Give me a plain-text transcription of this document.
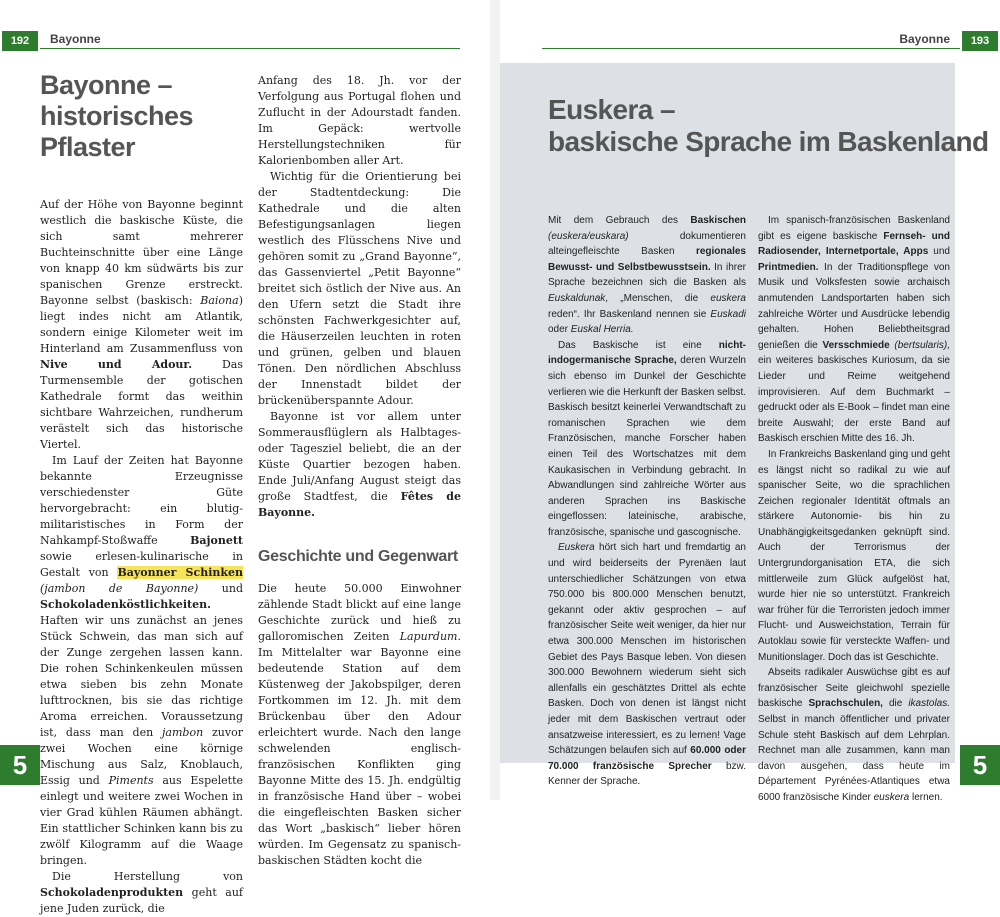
192	Bayonne
Bayonne –
historisches
Pflaster

Auf der Höhe von Bayonne beginnt westlich die baskische Küste, die sich samt mehrerer Buchteinschnitte über eine Länge von knapp 40 km südwärts bis zur spanischen Grenze erstreckt. Bayonne selbst (baskisch: Baiona) liegt indes nicht am Atlantik, sondern einige Kilometer weit im Hinterland am Zusammenfluss von Nive und Adour. Das Turmensemble der gotischen Kathedrale formt das weithin sichtbare Wahrzeichen, rundherum verästelt sich das historische Viertel.

Im Lauf der Zeiten hat Bayonne bekannte Erzeugnisse verschiedenster Güte hervorgebracht: ein blutig-militaristisches in Form der Nahkampf-Stoßwaffe Bajonett sowie erlesen-kulinarische in Gestalt von Bayonner Schinken (jambon de Bayonne) und Schokoladenköstlichkeiten. Haften wir uns zunächst an jenes Stück Schwein, das man sich auf der Zunge zergehen lassen kann. Die rohen Schinkenkeulen müssen etwa sieben bis zehn Monate lufttrocknen, bis sie das richtige Aroma erreichen. Voraussetzung ist, dass man den jambon zuvor zwei Wochen eine körnige Mischung aus Salz, Knoblauch, Essig und Piments aus Espelette einlegt und weitere zwei Wochen in vier Grad kühlen Räumen abhängt. Ein stattlicher Schinken kann bis zu zwölf Kilogramm auf die Waage bringen.

Die Herstellung von Schokoladenprodukten geht auf jene Juden zurück, die

Anfang des 18. Jh. vor der Verfolgung aus Portugal flohen und Zuflucht in der Adourstadt fanden. Im Gepäck: wertvolle Herstellungstechniken für Kalorienbomben aller Art.

Wichtig für die Orientierung bei der Stadtentdeckung: Die Kathedrale und die alten Befestigungsanlagen liegen westlich des Flüsschens Nive und gehören somit zu „Grand Bayonne“, das Gassenviertel „Petit Bayonne“ breitet sich östlich der Nive aus. An den Ufern setzt die Stadt ihre schönsten Fachwerkgesichter auf, die Häuserzeilen leuchten in roten und grünen, gelben und blauen Tönen. Den nördlichen Abschluss der Innenstadt bildet der brückenüberspannte Adour.

Bayonne ist vor allem unter Sommerausflüglern als Halbtages- oder Tagesziel beliebt, die an der Küste Quartier bezogen haben. Ende Juli/Anfang August steigt das große Stadtfest, die Fêtes de Bayonne.

Geschichte und Gegenwart

Die heute 50.000 Einwohner zählende Stadt blickt auf eine lange Geschichte zurück und hieß zu galloromischen Zeiten Lapurdum. Im Mittelalter war Bayonne eine bedeutende Station auf dem Küstenweg der Jakobspilger, deren Fortkommen im 12. Jh. mit dem Brückenbau über den Adour erleichtert wurde. Nach den lange schwelenden englisch-französischen Konflikten ging Bayonne Mitte des 15. Jh. endgültig in französische Hand über – wobei die eingefleischten Basken sicher das Wort „baskisch“ lieber hören würden. Im Gegensatz zu spanisch-baskischen Städten kocht die

5
193
Bayonne
Euskera –
baskische Sprache im Baskenland

Mit dem Gebrauch des Baskischen (euskera/euskara) dokumentieren alteingefleischte Basken regionales Bewusst- und Selbstbewusstsein. In ihrer Sprache bezeichnen sich die Basken als Euskaldunak, „Menschen, die euskera reden“. Ihr Baskenland nennen sie Euskadi oder Euskal Herria.

Das Baskische ist eine nicht-indogermanische Sprache, deren Wurzeln sich ebenso im Dunkel der Geschichte verlieren wie die Herkunft der Basken selbst. Baskisch besitzt keinerlei Verwandtschaft zu romanischen Sprachen wie dem Französischen, manche Forscher haben einen Teil des Wortschatzes mit dem Kaukasischen in Verbindung gebracht. In Abwandlungen sind zahlreiche Wörter aus anderen Sprachen ins Baskische eingeflossen: lateinische, arabische, französische, spanische und gascognische.

Euskera hört sich hart und fremdartig an und wird beiderseits der Pyrenäen laut unterschiedlicher Schätzungen von etwa 750.000 bis 800.000 Menschen benutzt, gekannt oder aktiv gesprochen – auf französischer Seite weit weniger, da hier nur etwa 300.000 Menschen im historischen Gebiet des Pays Basque leben. Von diesen 300.000 Bewohnern wiederum sieht sich allenfalls ein geschätztes Drittel als echte Basken. Doch von denen ist längst nicht jeder mit dem Baskischen vertraut oder ansatzweise interessiert, es zu lernen! Vage Schätzungen belaufen sich auf 60.000 oder 70.000 französische Sprecher bzw. Kenner der Sprache.

Im spanisch-französischen Baskenland gibt es eigene baskische Fernseh- und Radiosender, Internetportale, Apps und Printmedien. In der Traditionspflege von Musik und Volksfesten sowie archaisch anmutenden Landsportarten haben sich zahlreiche Wörter und Ausdrücke lebendig gehalten. Hohen Beliebtheitsgrad genießen die Versschmiede (bertsularis), ein weiteres baskisches Kuriosum, da sie Lieder und Reime weitgehend improvisieren. Auf dem Buchmarkt – gedruckt oder als E-Book – findet man eine breite Auswahl; der erste Band auf Baskisch erschien Mitte des 16. Jh.

In Frankreichs Baskenland ging und geht es längst nicht so radikal zu wie auf spanischer Seite, wo die sprachlichen Zeichen regionaler Identität oftmals an stärkere Autonomie- bis hin zu Unabhängigkeitsgedanken geknüpft sind. Auch der Terrorismus der Untergrundorganisation ETA, die sich mittlerweile zum Glück aufgelöst hat, wurde hier nie so unterstützt. Frankreich war früher für die Terroristen jedoch immer Flucht- und Ausweichstation, Terrain für Autoklau sowie für versteckte Waffen- und Munitionslager. Doch das ist Geschichte.

Abseits radikaler Auswüchse gibt es auf französischer Seite gleichwohl spezielle baskische Sprachschulen, die ikastolas. Selbst in manch öffentlicher und privater Schule steht Baskisch auf dem Lehrplan. Rechnet man alle zusammen, kann man davon ausgehen, dass heute im Département Pyrénées-Atlantiques etwa 6000 französische Kinder euskera lernen.

5
